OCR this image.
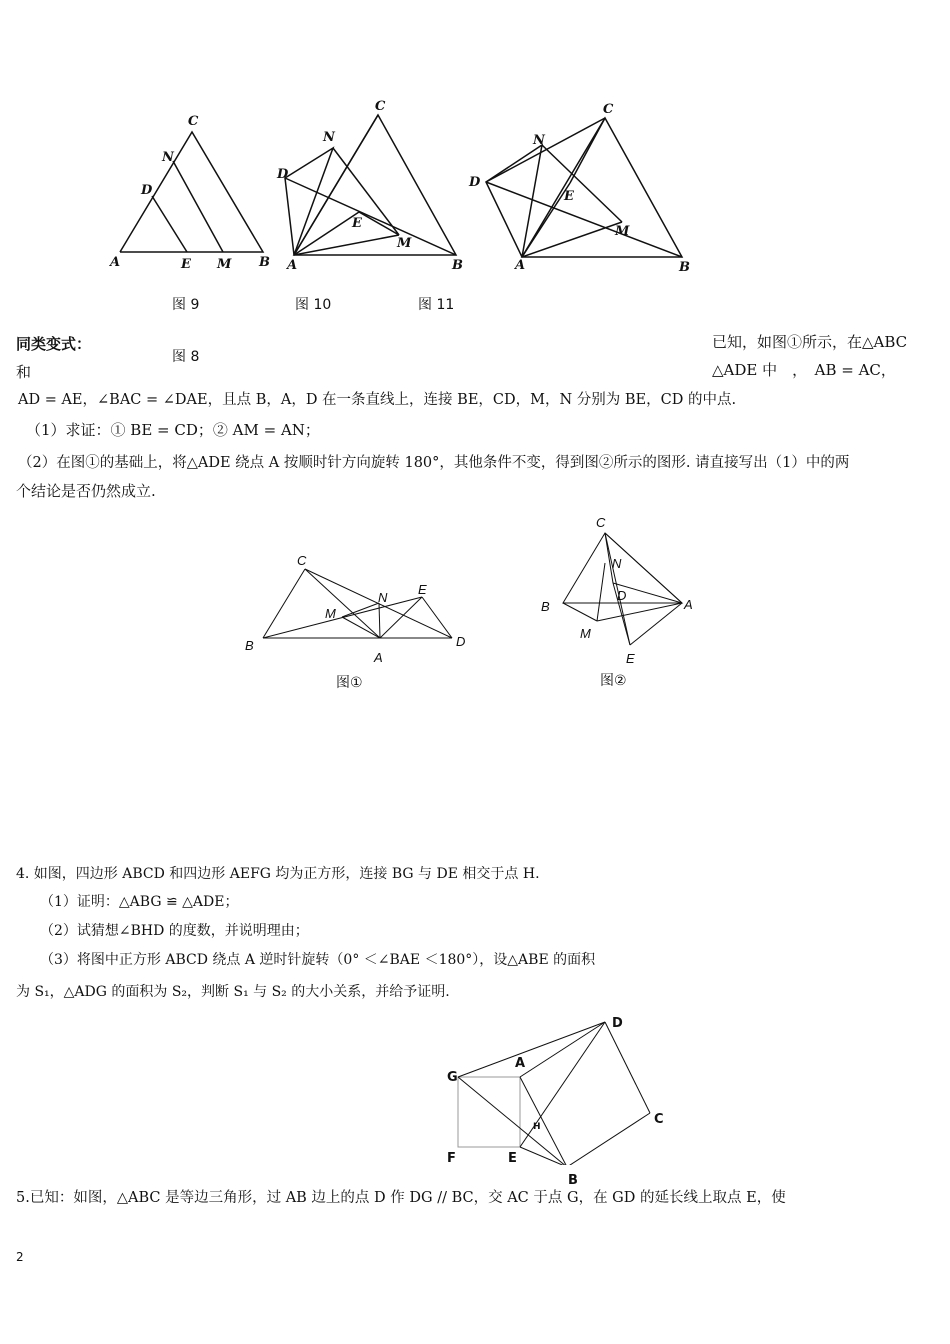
C
N
D
A	E M B
C
N
D
E
M
A	B
C
N
D
E
M
A	B
图 9	图 10	图 11
同类变式：
图 8
已知，如图①所示，在△ABC
和	△ADE 中　，　AB = AC，
AD = AE，∠BAC = ∠DAE，且点 B，A，D 在一条直线上，连接 BE，CD，M，N 分别为 BE，CD 的中点.
（1）求证：① BE = CD；② AM = AN；
（2）在图①的基础上，将△ADE 绕点 A 按顺时针方向旋转 180°，其他条件不变，得到图②所示的图形. 请直接写出（1）中的两
个结论是否仍然成立.
C
E
N
M
B
A
D
图①
C
N
D
B	A
M
E
图②
4. 如图，四边形 ABCD 和四边形 AEFG 均为正方形，连接 BG 与 DE 相交于点 H.
（1）证明：△ABG ≌ △ADE；
（2）试猜想∠BHD 的度数，并说明理由；
（3）将图中正方形 ABCD 绕点 A 逆时针旋转（0° ＜∠BAE ＜180°），设△ABE 的面积
为 S₁，△ADG 的面积为 S₂，判断 S₁ 与 S₂ 的大小关系，并给予证明.
D
A
G
C
H
F	E
B
5.已知：如图，△ABC 是等边三角形，过 AB 边上的点 D 作 DG // BC，交 AC 于点 G，在 GD 的延长线上取点 E，使
2
